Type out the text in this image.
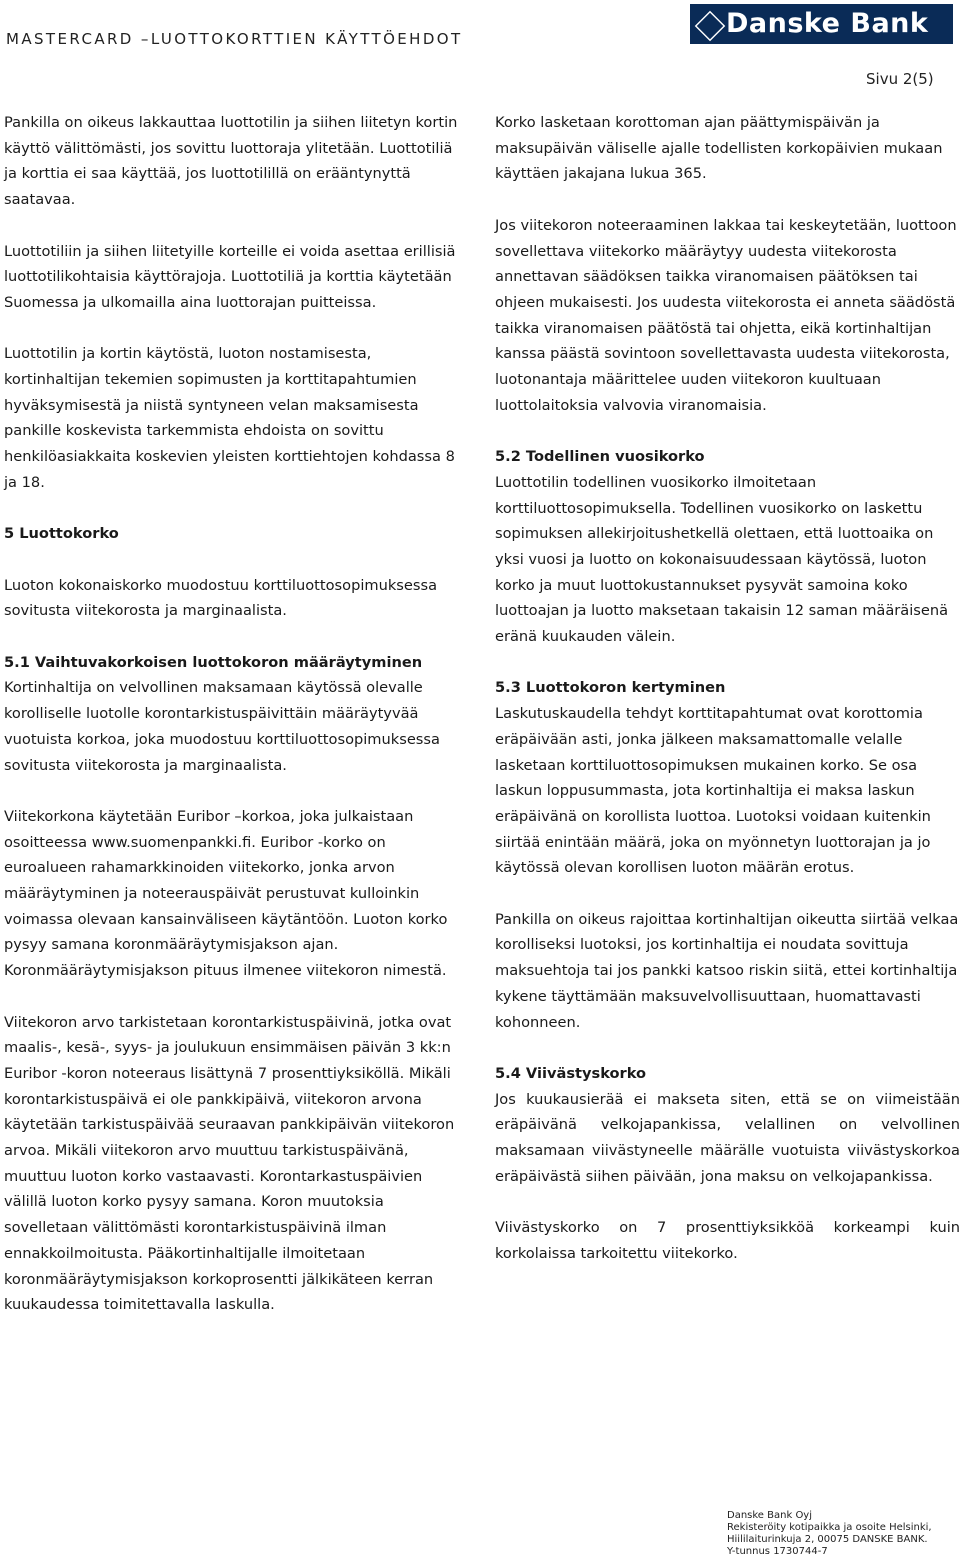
MASTERCARD –LUOTTOKORTTIEN KÄYTTÖEHDOT	Danske Bank
Sivu 2(5)

Pankilla on oikeus lakkauttaa luottotilin ja siihen liitetyn kortin käyttö välittömästi, jos sovittu luottoraja ylitetään. Luottotiliä ja korttia ei saa käyttää, jos luottotilillä on erääntynyttä saatavaa.

Luottotiliin ja siihen liitetyille korteille ei voida asettaa erillisiä luottotilikohtaisia käyttörajoja. Luottotiliä ja korttia käytetään Suomessa ja ulkomailla aina luottorajan puitteissa.

Luottotilin ja kortin käytöstä, luoton nostamisesta, kortinhaltijan tekemien sopimusten ja korttitapahtumien hyväksymisestä ja niistä syntyneen velan maksamisesta pankille koskevista tarkemmista ehdoista on sovittu henkilöasiakkaita koskevien yleisten korttiehtojen kohdassa 8 ja 18.

5 Luottokorko

Luoton kokonaiskorko muodostuu korttiluottosopimuksessa sovitusta viitekorosta ja marginaalista.

5.1 Vaihtuvakorkoisen luottokoron määräytyminen

Kortinhaltija on velvollinen maksamaan käytössä olevalle korolliselle luotolle korontarkistuspäivittäin määräytyvää vuotuista korkoa, joka muodostuu korttiluottosopimuksessa sovitusta viitekorosta ja marginaalista.

Viitekorkona käytetään Euribor –korkoa, joka julkaistaan osoitteessa www.suomenpankki.fi. Euribor -korko on euroalueen rahamarkkinoiden viitekorko, jonka arvon määräytyminen ja noteerauspäivät perustuvat kulloinkin voimassa olevaan kansainväliseen käytäntöön. Luoton korko pysyy samana koronmääräytymisjakson ajan. Koronmääräytymisjakson pituus ilmenee viitekoron nimestä.

Viitekoron arvo tarkistetaan korontarkistuspäivinä, jotka ovat maalis-, kesä-, syys- ja joulukuun ensimmäisen päivän 3 kk:n Euribor -koron noteeraus lisättynä 7 prosenttiyksiköllä. Mikäli korontarkistuspäivä ei ole pankkipäivä, viitekoron arvona käytetään tarkistuspäivää seuraavan pankkipäivän viitekoron arvoa. Mikäli viitekoron arvo muuttuu tarkistuspäivänä, muuttuu luoton korko vastaavasti. Korontarkastuspäivien välillä luoton korko pysyy samana. Koron muutoksia sovelletaan välittömästi korontarkistuspäivinä ilman ennakkoilmoitusta. Pääkortinhaltijalle ilmoitetaan koronmääräytymisjakson korkoprosentti jälkikäteen kerran kuukaudessa toimitettavalla laskulla.

Korko lasketaan korottoman ajan päättymispäivän ja maksupäivän väliselle ajalle todellisten korkopäivien mukaan käyttäen jakajana lukua 365.

Jos viitekoron noteeraaminen lakkaa tai keskeytetään, luottoon sovellettava viitekorko määräytyy uudesta viitekorosta annettavan säädöksen taikka viranomaisen päätöksen tai ohjeen mukaisesti. Jos uudesta viitekorosta ei anneta säädöstä taikka viranomaisen päätöstä tai ohjetta, eikä kortinhaltijan kanssa päästä sovintoon sovellettavasta uudesta viitekorosta, luotonantaja määrittelee uuden viitekoron kuultuaan luottolaitoksia valvovia viranomaisia.

5.2 Todellinen vuosikorko

Luottotilin todellinen vuosikorko ilmoitetaan korttiluottosopimuksella. Todellinen vuosikorko on laskettu sopimuksen allekirjoitushetkellä olettaen, että luottoaika on yksi vuosi ja luotto on kokonaisuudessaan käytössä, luoton korko ja muut luottokustannukset pysyvät samoina koko luottoajan ja luotto maksetaan takaisin 12 saman määräisenä eränä kuukauden välein.

5.3 Luottokoron kertyminen

Laskutuskaudella tehdyt korttitapahtumat ovat korottomia eräpäivään asti, jonka jälkeen maksamattomalle velalle lasketaan korttiluottosopimuksen mukainen korko. Se osa laskun loppusummasta, jota kortinhaltija ei maksa laskun eräpäivänä on korollista luottoa. Luotoksi voidaan kuitenkin siirtää enintään määrä, joka on myönnetyn luottorajan ja jo käytössä olevan korollisen luoton määrän erotus.

Pankilla on oikeus rajoittaa kortinhaltijan oikeutta siirtää velkaa korolliseksi luotoksi, jos kortinhaltija ei noudata sovittuja maksuehtoja tai jos pankki katsoo riskin siitä, ettei kortinhaltija kykene täyttämään maksuvelvollisuuttaan, huomattavasti kohonneen.

5.4 Viivästyskorko

Jos kuukausierää ei makseta siten, että se on viimeistään eräpäivänä velkojapankissa, velallinen on velvollinen maksamaan viivästyneelle määrälle vuotuista viivästyskorkoa eräpäivästä siihen päivään, jona maksu on velkojapankissa.

Viivästyskorko on 7 prosenttiyksikköä korkeampi kuin korkolaissa tarkoitettu viitekorko.

Danske Bank Oyj
Rekisteröity kotipaikka ja osoite Helsinki,
Hiililaiturinkuja 2, 00075 DANSKE BANK.
Y-tunnus 1730744-7
